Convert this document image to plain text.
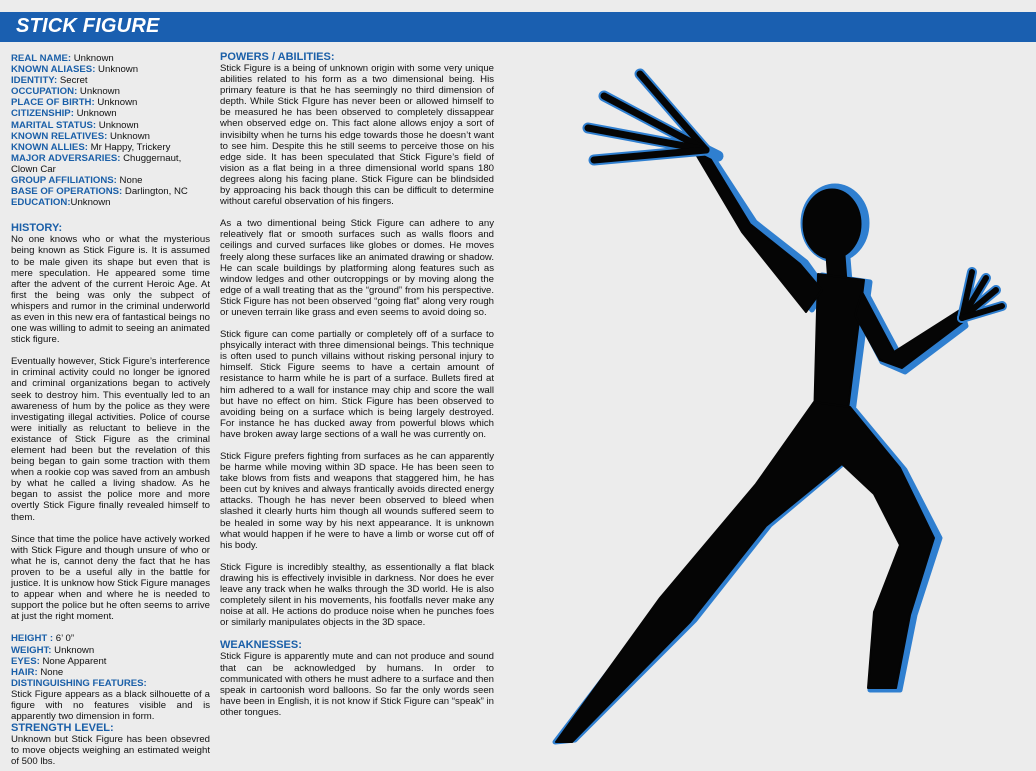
STICK FIGURE
REAL NAME: Unknown
KNOWN ALIASES: Unknown
IDENTITY: Secret
OCCUPATION: Unknown
PLACE OF BIRTH: Unknown
CITIZENSHIP: Unknown
MARITAL STATUS: Unknown
KNOWN RELATIVES: Unknown
KNOWN ALLIES: Mr Happy, Trickery
MAJOR ADVERSARIES: Chuggernaut, Clown Car
GROUP AFFILIATIONS: None
BASE OF OPERATIONS: Darlington, NC
EDUCATION:Unknown
HISTORY:

No one knows who or what the mysterious being known as Stick Figure is. It is assumed to be male given its shape but even that is mere speculation. He appeared some time after the advent of the current Heroic Age. At first the being was only the subpect of whispers and rumor in the criminal underworld as even in this new era of fantastical beings no one was willing to admit to seeing an animated stick figure.

Eventually however, Stick Figure’s interference in criminal activity could no longer be ignored and criminal organizations began to actively seek to destroy him. This eventually led to an awareness of hum by the police as they were investigating illegal activities. Police of course were initially as reluctant to believe in the existance of Stick Figure as the criminal element had been but the revelation of this being began to gain some traction with them when a rookie cop was saved from an ambush by what he called a living shadow. As he began to assist the police more and more overtly Stick Figure finally revealed himself to them.

Since that time the police have actively worked with Stick Figure and though unsure of who or what he is, cannot deny the fact that he has proven to be a useful ally in the battle for justice. It is unknow how Stick Figure manages to appear when and where he is needed to support the police but he often seems to arrive at just the right moment.

HEIGHT : 6’ 0”
WEIGHT: Unknown
EYES: None Apparent
HAIR: None
DISTINGUISHING FEATURES:

Stick Figure appears as a black silhouette of a figure with no features visible and is apparently two dimension in form.

STRENGTH LEVEL:

Unknown but Stick Figure has been obsevred to move objects weighing an estimated weight of 500 lbs.

POWERS / ABILITIES:

Stick Figure is a being of unknown origin with some very unique abilities related to his form as a two dimensional being. His primary feature is that he has seemingly no third dimension of depth. While Stick FIgure has never been or allowed himself to be measured he has been observed to completely dissappear when observed edge on. This fact alone allows enjoy a sort of invisibilty when he turns his edge towards those he doesn’t want to see him. Despite this he still seems to perceive those on his edge side. It has been speculated that Stick Figure’s field of vision as a flat being in a three dimensional world spans 180 degrees along his facing plane. Stick Figure can be blindsided by approacing his back though this can be difficult to determine without careful observation of his fingers.

As a two dimentional being Stick Figure can adhere to any releatively flat or smooth surfaces such as walls floors and ceilings and curved surfaces like globes or domes. He moves freely along these surfaces like an animated drawing or shadow. He can scale buildings by platforming along features such as window ledges and other outcroppings or by moving along the edge of a wall treating that as the “ground” from his perspective. Stick Figure has not been observed “going flat” along very rough or uneven terrain like grass and even seems to avoid doing so.

Stick figure can come partially or completely off of a surface to phsyically interact with three dimensional beings. This technique is often used to punch villains without risking personal injury to himself. Stick Figure seems to have a certain amount of resistance to harm while he is part of a surface. Bullets fired at him adhered to a wall for instance may chip and score the wall but have no effect on him. Stick Figure has been observed to avoiding being on a surface which is being largely destroyed. For instance he has ducked away from powerful blows which have broken away large sections of a wall he was currently on.

Stick Figure prefers fighting from surfaces as he can apparently be harme while moving within 3D space. He has been seen to take blows from fists and weapons that staggered him, he has been cut by knives and always frantically avoids directed energy attacks. Though he has never been observed to bleed when slashed it clearly hurts him though all wounds suffered seem to be healed in some way by his next appearance. It is unknown what would happen if he were to have a limb or worse cut off of his body.

Stick Figure is incredibly stealthy, as essentionally a flat black drawing his is effectively invisible in darkness. Nor does he ever leave any track when he walks through the 3D world. He is also completely silent in his movements, his footfalls never make any noise at all. He actions do produce noise when he punches foes or similarly manipulates objects in the 3D space.

WEAKNESSES:

Stick Figure is apparently mute and can not produce and sound that can be acknowledged by humans. In order to communicated with others he must adhere to a surface and then speak in cartoonish word balloons. So far the only words seen have been in English, it is not know if Stick Figure can “speak” in other tongues.
